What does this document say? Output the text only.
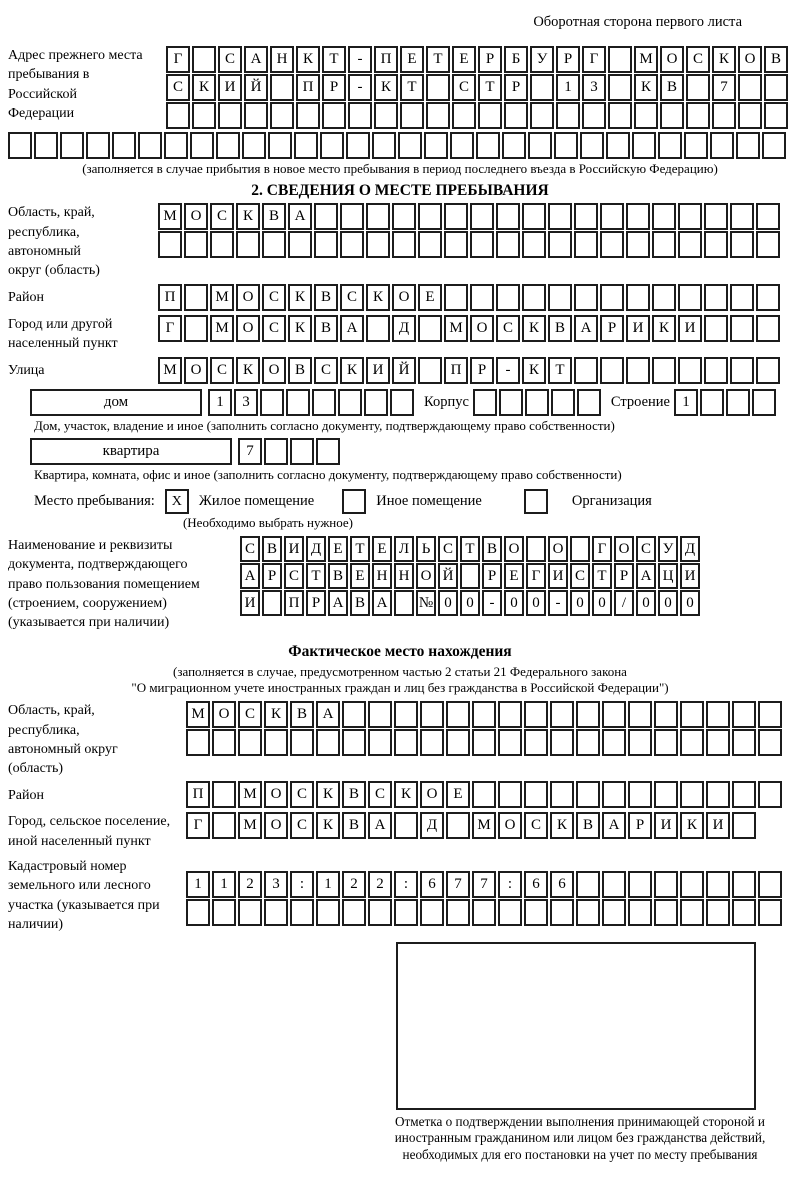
Оборотная сторона первого листа
Адрес прежнего места пребывания в Российской Федерации
Г	С	А	Н	К	Т	-	П	Е	Т	Е	Р	Б	У	Р	Г	М О	С	К	О	В
С	К	И	Й	П	Р	-	К	Т	С	Т	Р	1	3	К	В	7
(заполняется в случае прибытия в новое место пребывания в период последнего въезда в Российскую Федерацию)
2. СВЕДЕНИЯ О МЕСТЕ ПРЕБЫВАНИЯ
Область, край, республика, автономный округ (область)
М О	С	К	В	А
Район	П	М О	С	К	В	С	К	О	Е
Город или другой населенный пункт
Г	М О	С	К	В	А	Д	М О	С	К	В	А	Р	И	К	И
Улица	М О	С	К	О	В	С	К	И	Й	П	Р	-	К	Т
дом	1	3	Корпус	Строение 1
Дом, участок, владение и иное (заполнить согласно документу, подтверждающему право собственности)
квартира	7
Квартира, комната, офис и иное (заполнить согласно документу, подтверждающему право собственности)
Место пребывания:	X	Жилое помещение	Иное помещение	Организация
(Необходимо выбрать нужное)
Наименование и реквизиты документа, подтверждающего право пользования помещением (строением, сооружением) (указывается при наличии)
С В И Д Е Т Е Л Ь С Т В О	О	Г О С У Д
А Р С Т В Е Н Н О Й	Р Е Г И С Т Р А Ц И
И	П Р А В А	№ 0 0	-	0 0	-	0 0	/	0 0 0
Фактическое место нахождения
(заполняется в случае, предусмотренном частью 2 статьи 21 Федерального закона
"О миграционном учете иностранных граждан и лиц без гражданства в Российской Федерации")
Область, край, республика, автономный округ (область)
М О	С	К	В	А
Район	П	М О	С	К	В	С	К	О	Е
Город, сельское поселение, иной населенный пункт
Г	М О	С	К	В	А	Д	М О	С	К	В	А	Р	И	К	И
Кадастровый номер земельного или лесного участка (указывается при наличии)
1	1	2	3	:	1	2	2	:	6	7	7	:	6	6
Отметка о подтверждении выполнения принимающей стороной и иностранным гражданином или лицом без гражданства действий, необходимых для его постановки на учет по месту пребывания
